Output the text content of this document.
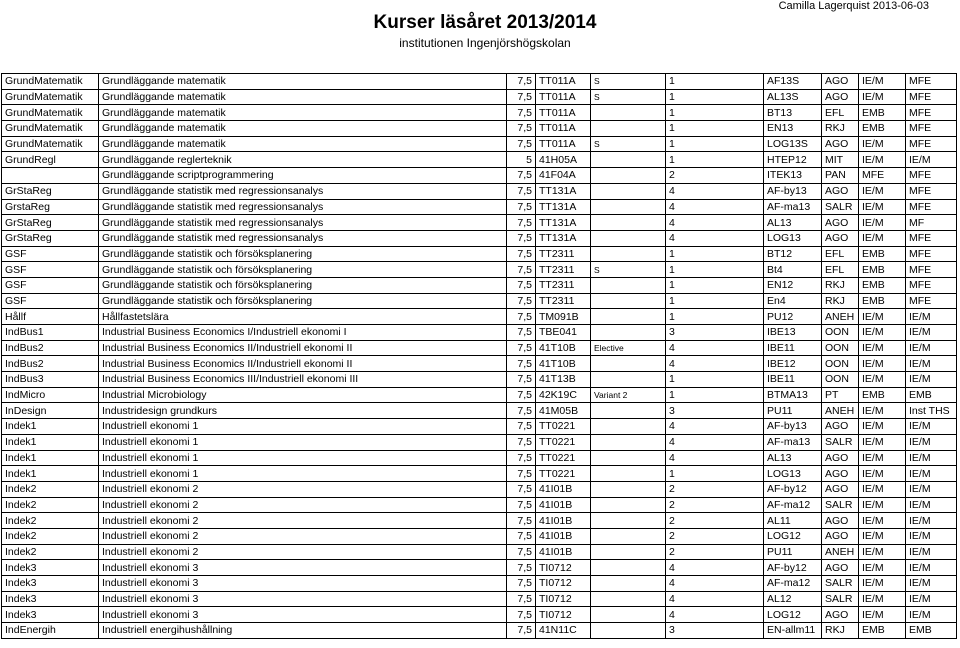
Kurser läsåret 2013/2014
institutionen Ingenjörshögskolan
Camilla Lagerquist 2013-06-03
GrundMatematik	Grundläggande matematik	7,5	TT011A	S	1	AF13S	AGO	IE/M	MFE
GrundMatematik	Grundläggande matematik	7,5	TT011A	S	1	AL13S	AGO	IE/M	MFE
GrundMatematik	Grundläggande matematik	7,5	TT011A		1	BT13	EFL	EMB	MFE
GrundMatematik	Grundläggande matematik	7,5	TT011A		1	EN13	RKJ	EMB	MFE
GrundMatematik	Grundläggande matematik	7,5	TT011A	S	1	LOG13S	AGO	IE/M	MFE
GrundRegl	Grundläggande reglerteknik	5	41H05A		1	HTEP12	MIT	IE/M	IE/M
	Grundläggande scriptprogrammering	7,5	41F04A		2	ITEK13	PAN	MFE	MFE
GrStaReg	Grundläggande statistik med regressionsanalys	7,5	TT131A		4	AF-by13	AGO	IE/M	MFE
GrstaReg	Grundläggande statistik med regressionsanalys	7,5	TT131A		4	AF-ma13	SALR	IE/M	MFE
GrStaReg	Grundläggande statistik med regressionsanalys	7,5	TT131A		4	AL13	AGO	IE/M	MF
GrStaReg	Grundläggande statistik med regressionsanalys	7,5	TT131A		4	LOG13	AGO	IE/M	MFE
GSF	Grundläggande statistik och försöksplanering	7,5	TT2311		1	BT12	EFL	EMB	MFE
GSF	Grundläggande statistik och försöksplanering	7,5	TT2311	S	1	Bt4	EFL	EMB	MFE
GSF	Grundläggande statistik och försöksplanering	7,5	TT2311		1	EN12	RKJ	EMB	MFE
GSF	Grundläggande statistik och försöksplanering	7,5	TT2311		1	En4	RKJ	EMB	MFE
Hållf	Hållfastetslära	7,5	TM091B		1	PU12	ANEH	IE/M	IE/M
IndBus1	Industrial Business Economics I/Industriell ekonomi I	7,5	TBE041		3	IBE13	OON	IE/M	IE/M
IndBus2	Industrial Business Economics II/Industriell ekonomi II	7,5	41T10B	Elective	4	IBE11	OON	IE/M	IE/M
IndBus2	Industrial Business Economics II/Industriell ekonomi II	7,5	41T10B		4	IBE12	OON	IE/M	IE/M
IndBus3	Industrial Business Economics III/Industriell ekonomi III	7,5	41T13B		1	IBE11	OON	IE/M	IE/M
IndMicro	Industrial Microbiology	7,5	42K19C	Variant 2	1	BTMA13	PT	EMB	EMB
InDesign	Industridesign grundkurs	7,5	41M05B		3	PU11	ANEH	IE/M	Inst THS
Indek1	Industriell ekonomi 1	7,5	TT0221		4	AF-by13	AGO	IE/M	IE/M
Indek1	Industriell ekonomi 1	7,5	TT0221		4	AF-ma13	SALR	IE/M	IE/M
Indek1	Industriell ekonomi 1	7,5	TT0221		4	AL13	AGO	IE/M	IE/M
Indek1	Industriell ekonomi 1	7,5	TT0221		1	LOG13	AGO	IE/M	IE/M
Indek2	Industriell ekonomi 2	7,5	41I01B		2	AF-by12	AGO	IE/M	IE/M
Indek2	Industriell ekonomi 2	7,5	41I01B		2	AF-ma12	SALR	IE/M	IE/M
Indek2	Industriell ekonomi 2	7,5	41I01B		2	AL11	AGO	IE/M	IE/M
Indek2	Industriell ekonomi 2	7,5	41I01B		2	LOG12	AGO	IE/M	IE/M
Indek2	Industriell ekonomi 2	7,5	41I01B		2	PU11	ANEH	IE/M	IE/M
Indek3	Industriell ekonomi 3	7,5	TI0712		4	AF-by12	AGO	IE/M	IE/M
Indek3	Industriell ekonomi 3	7,5	TI0712		4	AF-ma12	SALR	IE/M	IE/M
Indek3	Industriell ekonomi 3	7,5	TI0712		4	AL12	SALR	IE/M	IE/M
Indek3	Industriell ekonomi 3	7,5	TI0712		4	LOG12	AGO	IE/M	IE/M
IndEnergih	Industriell energihushållning	7,5	41N11C		3	EN-allm11	RKJ	EMB	EMB
